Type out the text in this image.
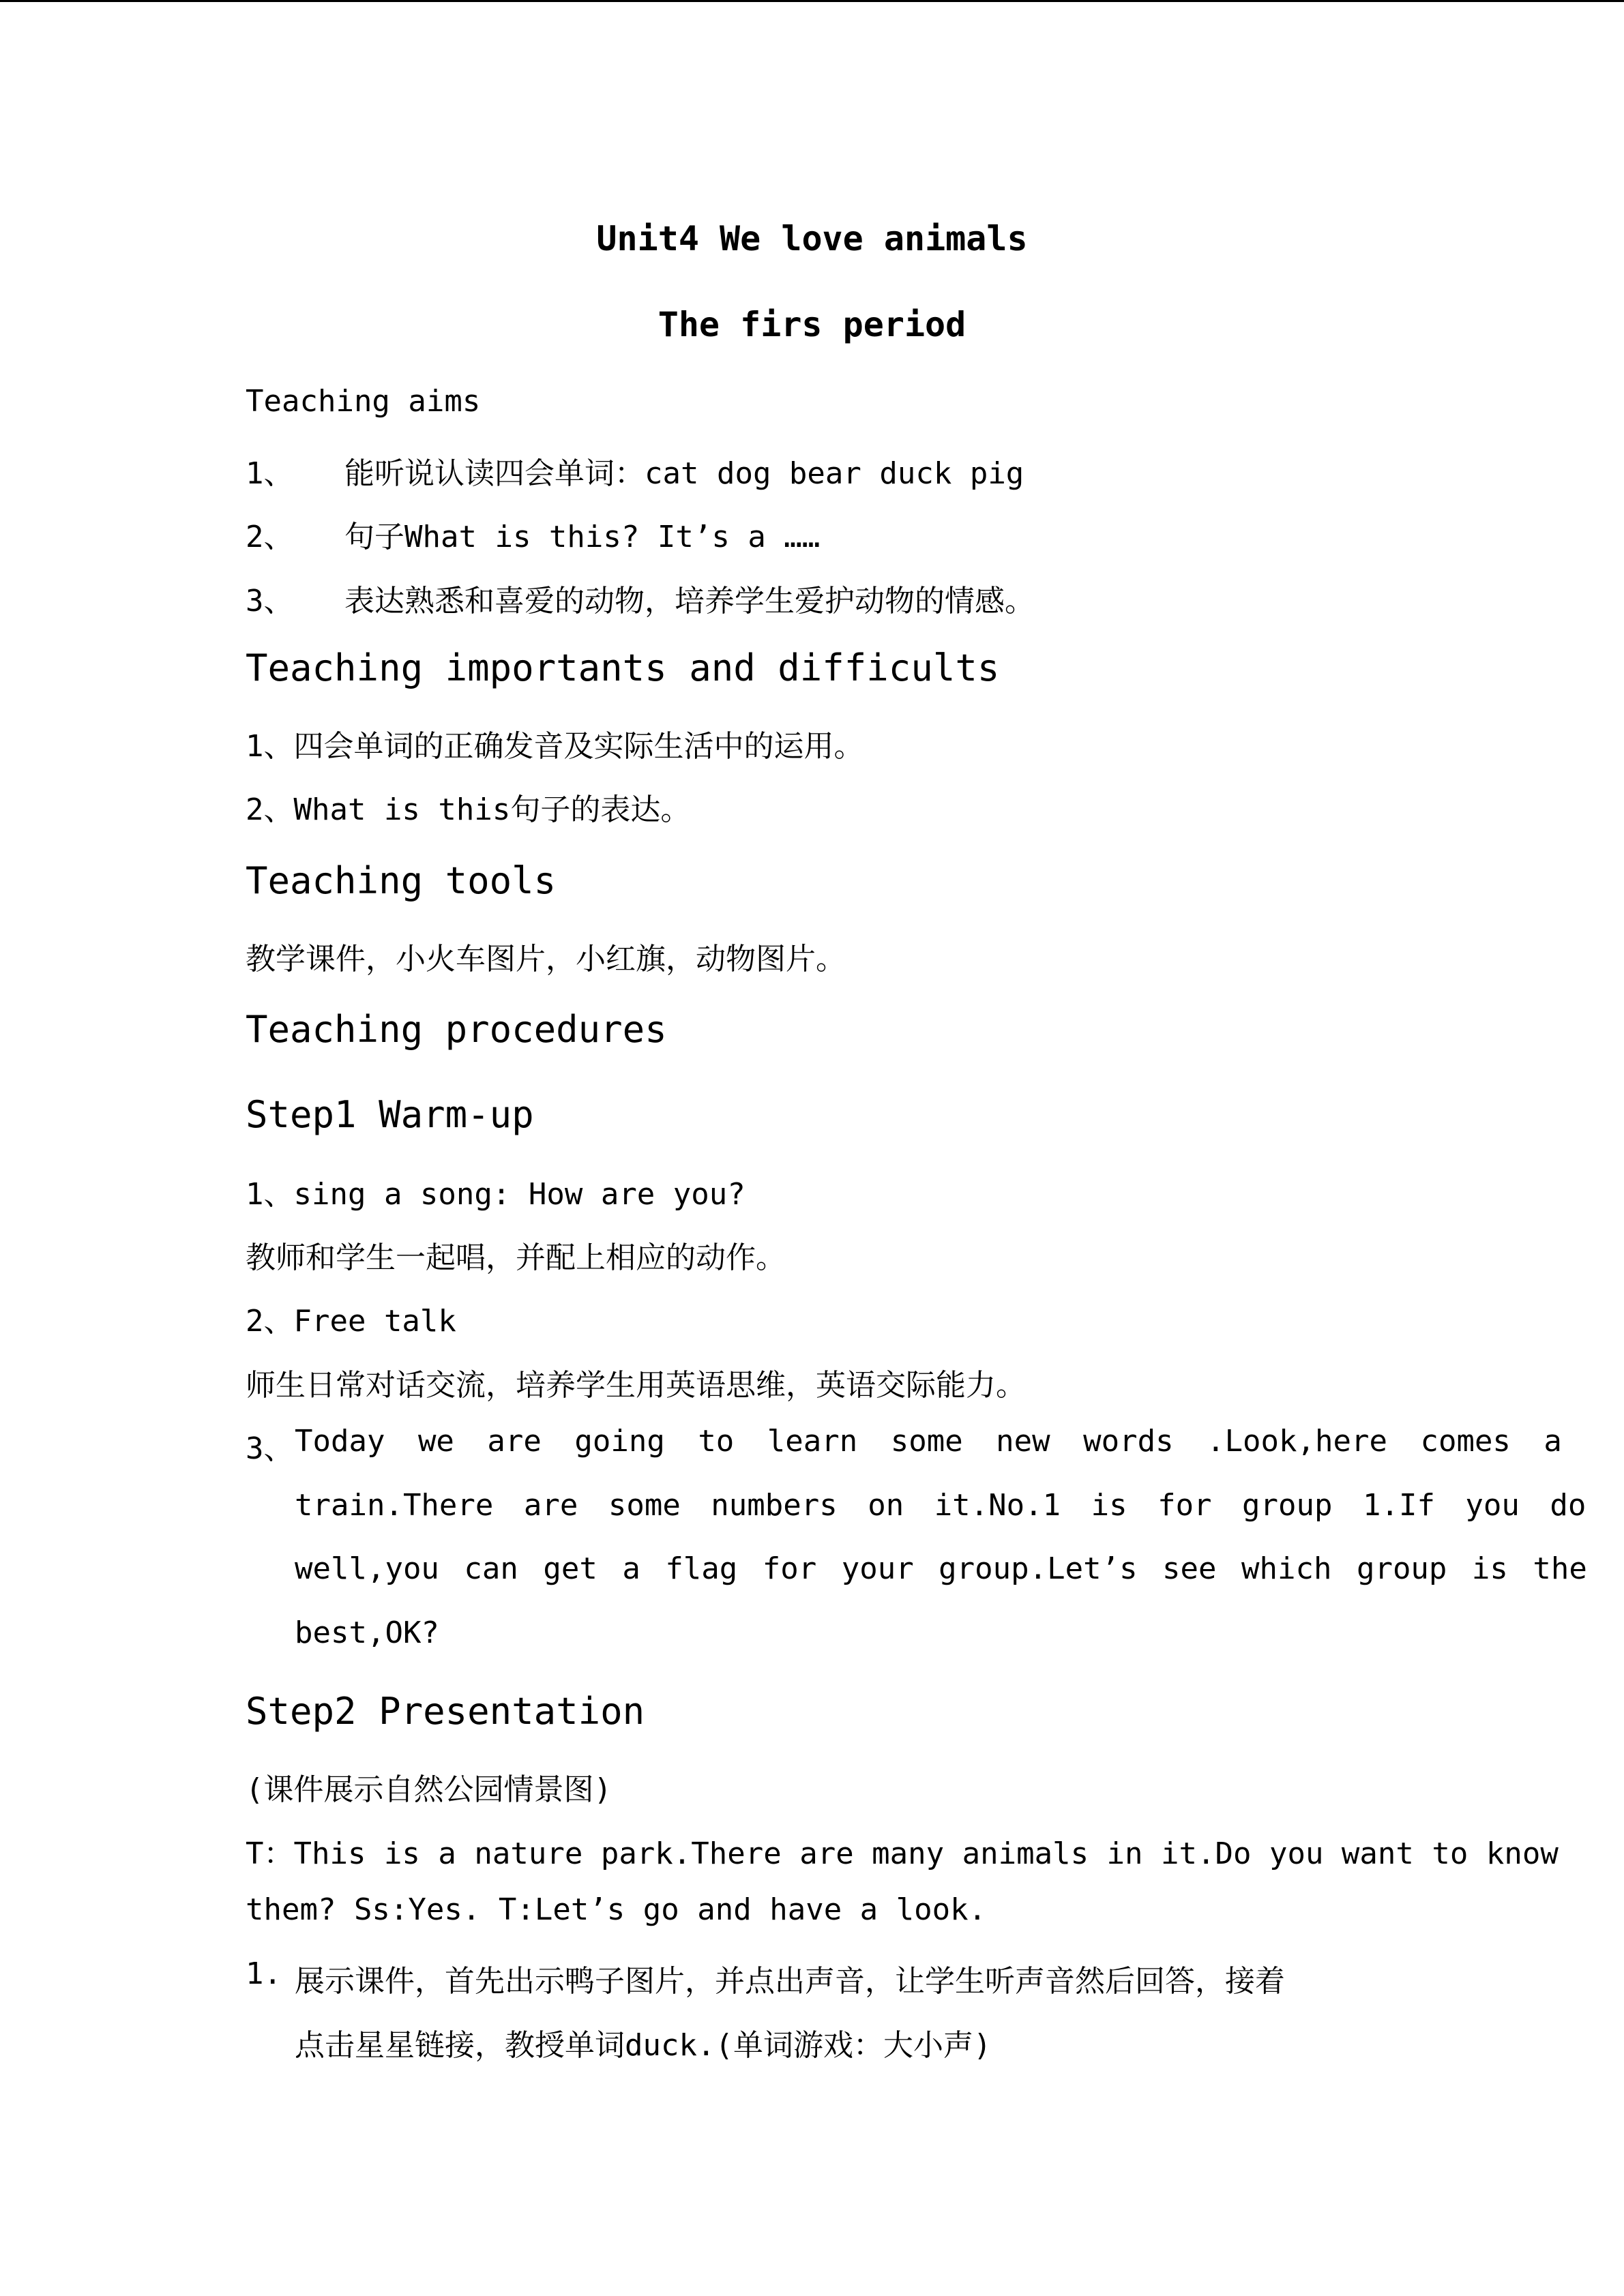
Unit4 We love animals
The firs period
Teaching aims
1、 能听说认读四会单词：cat dog bear duck pig
2、 句子What is this? It’s a ……
3、 表达熟悉和喜爱的动物，培养学生爱护动物的情感。
Teaching importants and difficults
1、四会单词的正确发音及实际生活中的运用。
2、What is this句子的表达。
Teaching tools
教学课件，小火车图片，小红旗，动物图片。
Teaching procedures
Step1 Warm-up
1、sing a song: How are you?
教师和学生一起唱，并配上相应的动作。
2、Free talk
师生日常对话交流，培养学生用英语思维，英语交际能力。
3、 Today we are going to learn some new words .Look,here comes a
train.There are some numbers on it.No.1 is for group 1.If you do
well,you can get a flag for your group.Let’s see which group is the
best,OK?
Step2 Presentation
(课件展示自然公园情景图)
T：This is a nature park.There are many animals in it.Do you want to know
them? Ss:Yes. T:Let’s go and have a look.
1. 展示课件，首先出示鸭子图片，并点出声音，让学生听声音然后回答，接着
点击星星链接，教授单词duck.(单词游戏：大小声)
